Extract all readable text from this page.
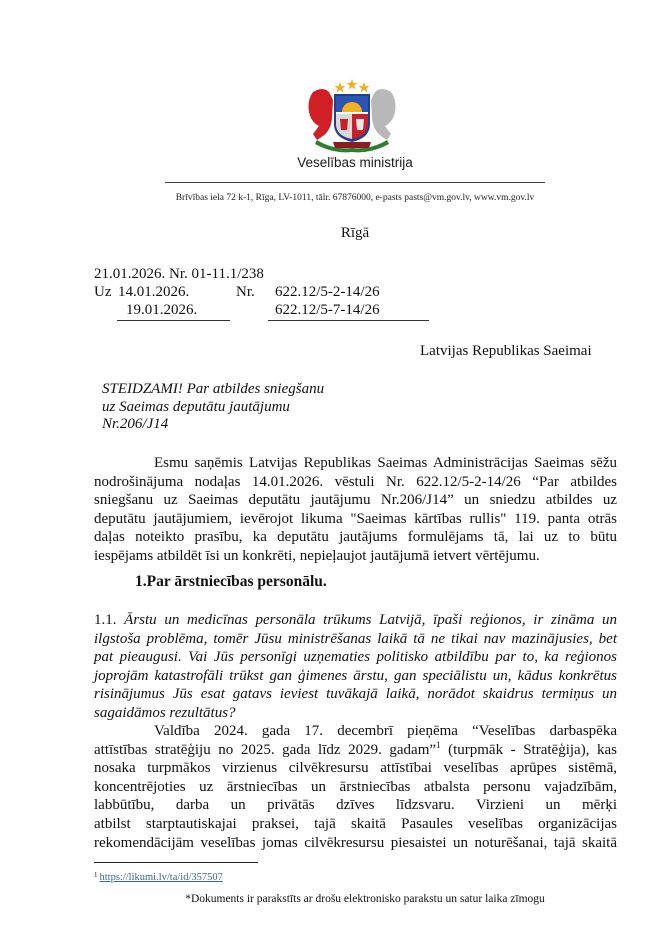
Veselības ministrija
Brīvības iela 72 k-1, Rīga, LV-1011, tālr. 67876000, e-pasts pasts@vm.gov.lv, www.vm.gov.lv
Rīgā
21.01.2026. Nr. 01-11.1/238
Uz 14.01.2026.	Nr. 622.12/5-2-14/26
19.01.2026.	622.12/5-7-14/26
Latvijas Republikas Saeimai
STEIDZAMI! Par atbildes sniegšanu
uz Saeimas deputātu jautājumu
Nr.206/J14
Esmu saņēmis Latvijas Republikas Saeimas Administrācijas Saeimas sēžu
nodrošinājuma nodaļas 14.01.2026. vēstuli Nr. 622.12/5-2-14/26 “Par atbildes
sniegšanu uz Saeimas deputātu jautājumu Nr.206/J14” un sniedzu atbildes uz
deputātu jautājumiem, ievērojot likuma "Saeimas kārtības rullis" 119. panta otrās
daļas noteikto prasību, ka deputātu jautājums formulējams tā, lai uz to būtu
iespējams atbildēt īsi un konkrēti, nepieļaujot jautājumā ietvert vērtējumu.
1.Par ārstniecības personālu.
1.1. Ārstu un medicīnas personāla trūkums Latvijā, īpaši reģionos, ir zināma un
ilgstoša problēma, tomēr Jūsu ministrēšanas laikā tā ne tikai nav mazinājusies, bet
pat pieaugusi. Vai Jūs personīgi uzņematies politisko atbildību par to, ka reģionos
joprojām katastrofāli trūkst gan ģimenes ārstu, gan speciālistu un, kādus konkrētus
risinājumus Jūs esat gatavs ieviest tuvākajā laikā, norādot skaidrus termiņus un
sagaidāmos rezultātus?
Valdība 2024. gada 17. decembrī pieņēma “Veselības darbaspēka
attīstības stratēģiju no 2025. gada līdz 2029. gadam”$^1$ (turpmāk - Stratēģija), kas
nosaka turpmākos virzienus cilvēkresursu attīstībai veselības aprūpes sistēmā,
koncentrējoties uz ārstniecības un ārstniecības atbalsta personu vajadzībām,
labbūtību, darba un privātās dzīves līdzsvaru. Virzieni un mērķi
atbilst starptautiskajai praksei, tajā skaitā Pasaules veselības organizācijas
rekomendācijām veselības jomas cilvēkresursu piesaistei un noturēšanai, tajā skaitā
$^1$ https://likumi.lv/ta/id/357507
*Dokuments ir parakstīts ar drošu elektronisko parakstu un satur laika zīmogu
